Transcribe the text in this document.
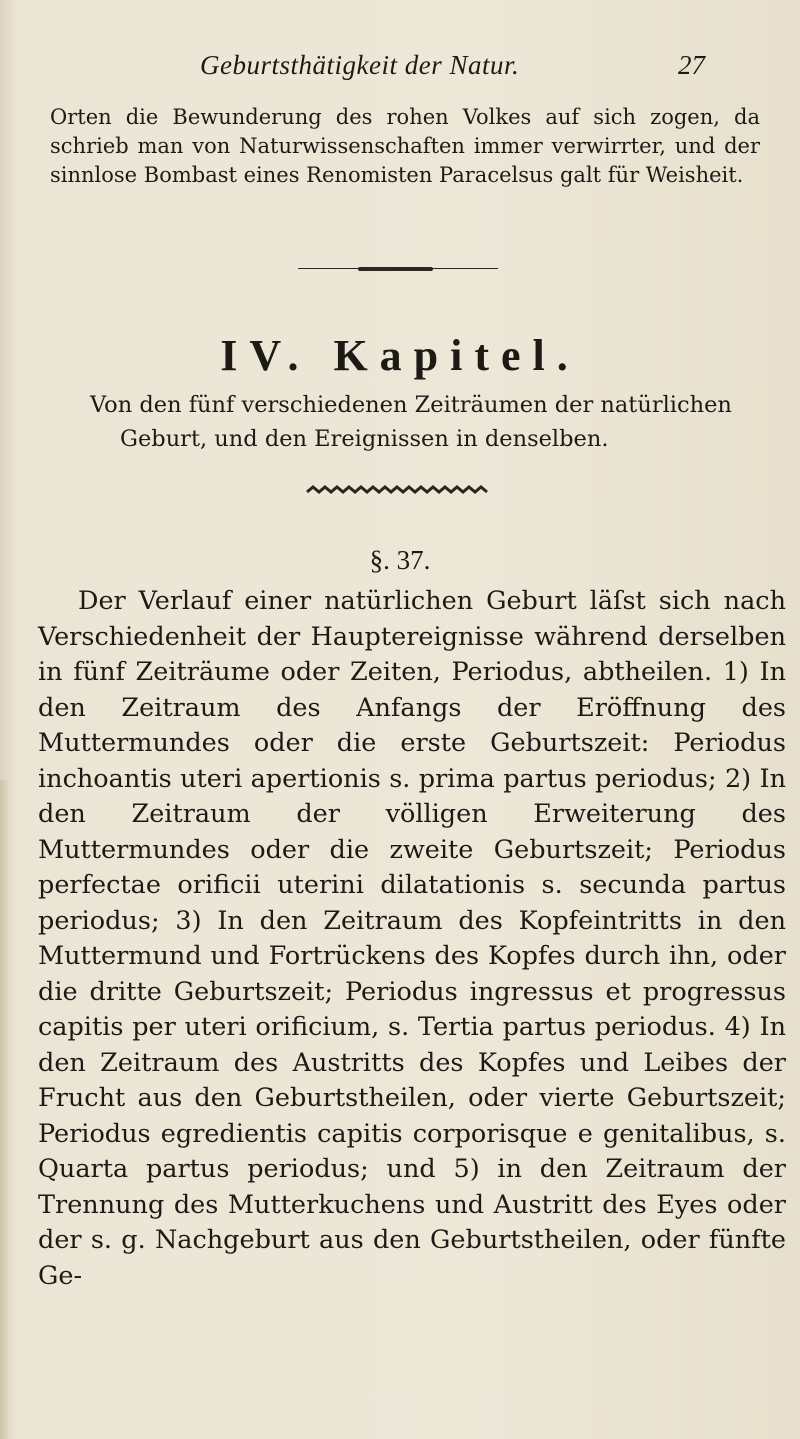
Geburtsthätigkeit der Natur.	27

Orten die Bewunderung des rohen Volkes auf sich zogen, da schrieb man von Naturwissenschaften immer verwirrter, und der sinnlose Bombast eines Renomisten Paracelsus galt für Weisheit.

IV. Kapitel.

Von den fünf verschiedenen Zeiträumen der natürlichen
Geburt, und den Ereignissen in denselben.

§. 37.

Der Verlauf einer natürlichen Geburt läſst sich nach Verschiedenheit der Hauptereignisse während derselben in fünf Zeiträume oder Zeiten, Periodus, abtheilen. 1) In den Zeitraum des Anfangs der Eröffnung des Muttermundes oder die erste Geburtszeit: Periodus inchoantis uteri apertionis s. prima partus periodus; 2) In den Zeitraum der völligen Erweiterung des Muttermundes oder die zweite Geburtszeit; Periodus perfectae orificii uterini dilatationis s. secunda partus periodus; 3) In den Zeitraum des Kopfeintritts in den Muttermund und Fortrückens des Kopfes durch ihn, oder die dritte Geburtszeit; Periodus ingressus et progressus capitis per uteri orificium, s. Tertia partus periodus. 4) In den Zeitraum des Austritts des Kopfes und Leibes der Frucht aus den Geburtstheilen, oder vierte Geburtszeit; Periodus egredientis capitis corporisque e genitalibus, s. Quarta partus periodus; und 5) in den Zeitraum der Trennung des Mutterkuchens und Austritt des Eyes oder der s. g. Nachgeburt aus den Geburtstheilen, oder fünfte Ge-
